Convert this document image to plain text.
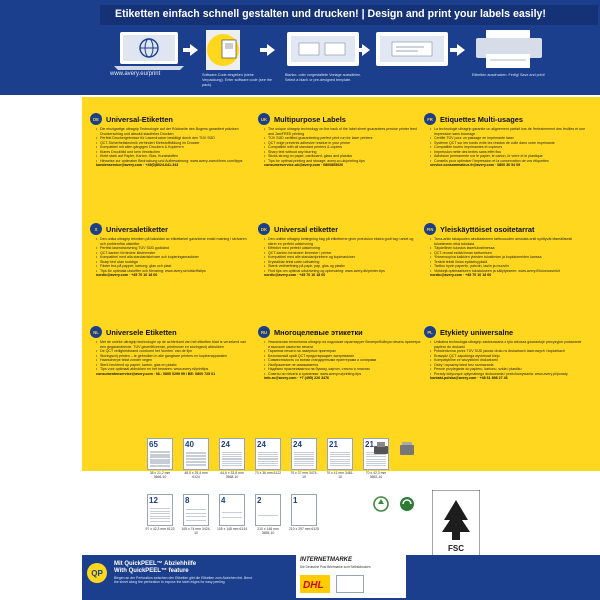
Etiketten einfach schnell gestalten und drucken! | Design and print your labels easily!
www.avery.eu/print	Software-Code eingeben (siehe Verpackung). Enter software code (see the pack).
Blanko- oder vorgestaltete Vorlage auswählen. Select a blank or pre-designed template.
Etiketten ausdrucken. Fertig! Save and print!
DE Universal-Etiketten
• Die einzigartige ultragrip Technologie auf der Rückseite des Bogens garantiert präzisen Druckerschlag und absolut staufreies Drucken
• Perfekt Druckergebnisse für Laserdrucker bestätigt durch den TÜV SÜD
• QCT-Sicherheitstechnik verhindert Klebstoffbildung im Drucker
• Kompatibel mit allen gängigen Druckern & Kopierern
• Klares Druckbild und kein Verwischen
• Klebt stark auf Papier, Karton, Glas, Kunststoffen
• Hinweise zur optimalen Bedruckung und Aufbewahrung: www.avery-zweckform.com/tipps
kundenservice@avery.com · +49(0)8024-641-343
UK Multipurpose Labels
• The unique ultragrip technology on the back of the label sheet guarantees precise printer feed and JamFREE printing
• TÜV SÜD certified guaranteeing perfect print run for laser printers
• QCT edge prevents adhesive residue in your printer
• Compatible with all standard printers & copiers
• Sharp text without any blurring
• Sticks strong on paper, cardboard, glass and plastics
• Tips for optimal printing and storage: avery.co.uk/printing-tips
consumerservice-uk@avery.com · 0800805020
FR Etiquettes Multi-usages
• La technologie ultragrip garantie un alignement parfait lors de l'entrainement des feuilles et une impression sans bourrage
• Certifié TÜV pour un passage en imprimante laser
• Système QCT sur les bords évite les résidus de colle dans votre imprimante
• Compatible toutes imprimantes et copieurs
• Impression nette des textes sans effet flou
• Adhésion permanente sur le papier, le carton, le verre et le plastique
• Conseils pour optimiser l'impression et la conservation de vos étiquettes
service.consommateur-fr@avery.com · 0800 36 54 09
S	Universaletiketter
• Den unika ultragrip tekniken på baksidan av etikettarket garanterar exakt matning i skrivaren och problemfria utskrifter
• Perfekt laserutskrivning TÜV SÜD godkänd
• QCT-kanten förhindrar klisterrester
• Kompatibel med alla standardskrivare och kopieringsmaskiner
• Skarp text utan suddiga
• Fäster bra på papper, kartong, glas och plast
• Tips för optimala utskrifter och förvaring: www.avery.se/utskriftstips
nordic@avery.com · +45 70 10 18 00
DK Universal etiketter
• Den unikke ultragrip belægning bag på etiketterne giver præcision ekstra godt tag i arket og sikrer en perfekt udskrivning
• Effektivt med perfekt udskrivning
• QCT-kanten forhindrer limrester i printer
• Kompatibel med alle standardprintere og kopimaskiner
• Krystalklar tekst uden udtværing
• Stærk vedhæftning på papir, pap, glas og plastic
• Find tips om optimal udskrivning og opbevaring: www.avery.dk/printer-tips
nordic@avery.com · +45 70 10 18 00
FIN Yleiskäyttöiset osoitetarrat
• Tarra-arkin takapuolen ainutlaatuinen tarttuvuuden ansiosta arkit syöttyvät täsmällisesti tulostimeen eikä tukoksia
• Täydellinen tulostus lasertulostimessa
• QCT-reunat estää liiman tarttumisen
• Yhteensopiva kaikkien yleisten tulostimien ja kopiokoneiden kanssa
• Terävä teksti ilman epäselvyyksiä
• Tarttuu hyvin paperiin, pahviin, lasiin ja muoviin
• Vinkkejä optimaaliseen tulostukseen ja säilytykseen: www.avery.fi/tulostusvinkit
nordic@avery.com · +45 70 10 18 00
NL Universele Etiketten
• Met de unieke ultragrip technologie op de achterkant van het etiketten blad is verzekerd van een gegarandeerde, TÜV gecertificeerde, printinvoer en storingsvrij afdrukken
• De QCT veiligheidsrand voorkomt het 'klonten' van de lijm
• Storingsvrij printen – te gebruiken in alle gangbare printers en kopieerapparaten
• Haarscherpe tekst zonder vegen
• Sterk hechtend op papier, karton, glas en plastic
• Tips voor optimaal afdrukken en het bewaren: www.avery.nl/printtips
consumentenservice@avery.com · NL: 0800 0299 99 / BE: 0800 725 01
RU Многоцелевые этикетки
• Уникальная технология ultragrip на подложке гарантирует бесперебойную печать принтера и высокое качество печати
• Гарантия печати на лазерных принтерах
• Безопасный край QCT предотвращает застревание
• Совместимость со всеми стандартными принтерами и копирами
• Изображение не смазывается
• Надёжно приклеиваются на бумагу, картон, стекло и пластик
• Советы по печати и хранению: www.avery.ru/printing-tips
info-ru@avery.com · +7 (495) 226 3476
PL Etykiety uniwersalne
• Unikalna technologia ultragrip zastosowana z tyłu arkusza gwarantuje precyzyjne podawanie papieru do drukarki
• Potwierdzona przez TÜV SÜD jakość druku w drukarkach laserowych i kopiarkach
• Krawędź QCT zapobiega wyciekowi kleju
• Kompatybilne ze wszystkimi drukarkami
• Ostry i wyraźny tekst bez rozmazania
• Pewne przyleganie do papieru, kartonu, szkła i plastiku
• Porady dotyczące optymalnego drukowania i przechowywania: www.avery.pl/porady
kontakt-polska@avery.com · +48 61 898 27 46
65
38 x 21,2 mm 3666-10
40
48,5 x 25,4 mm 6124
24
64,6 x 33,8 mm 3658-10
24
70 x 36 mm 6122
24
70 x 37 mm 3474-10
21
70 x 41 mm 3481-10
21
70 x 42,3 mm 3652-10
12
97 x 42,3 mm 6123
8
105 x 74 mm 3424-10
4
105 x 148 mm 6134
2
210 x 148 mm 3655-10
1
210 x 297 mm 6125
FSC
QP
Mit QuickPEEL™ Abziehhilfe
With QuickPEEL™ feature
Biegen an der Perforation zwischen den Etiketten gibt die Etiketten zum Abziehen frei. Bend the sheet along the perforation to expose the label edges for easy peeling.
INTERNETMARKE
Die Deutsche Post Briefmarke zum Selbstdrucken
DHL
